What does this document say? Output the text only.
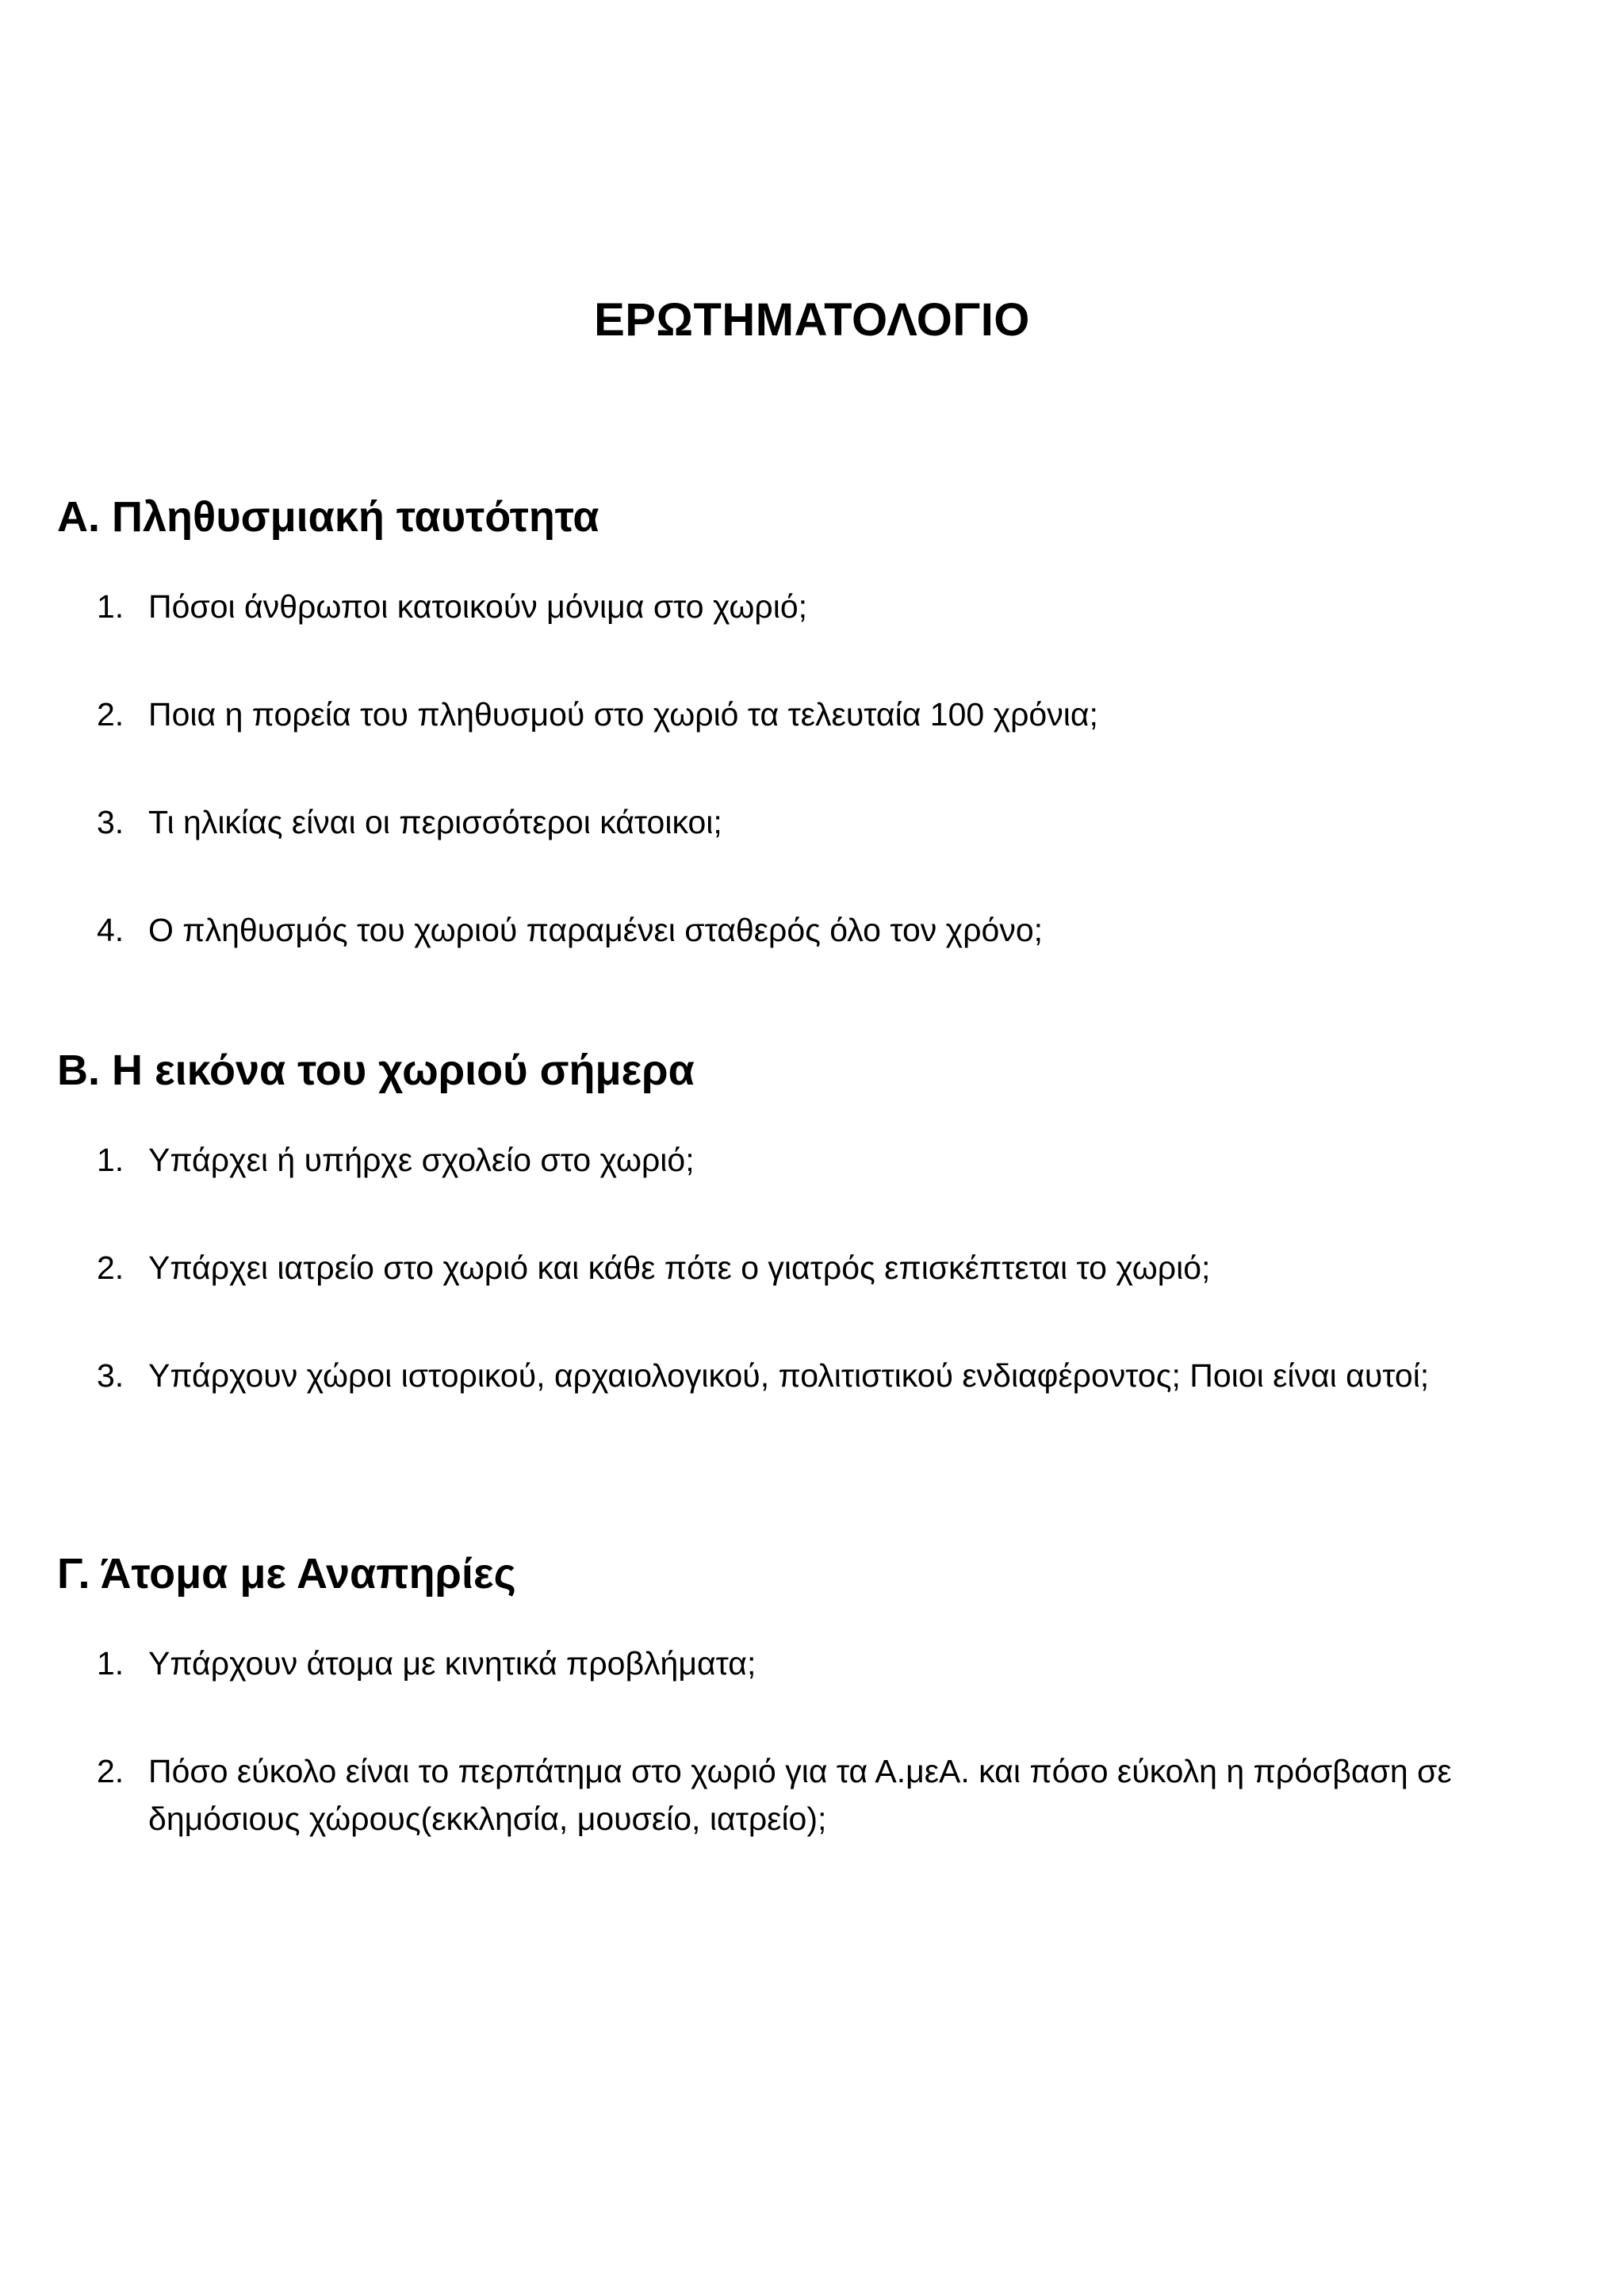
ΕΡΩΤΗΜΑΤΟΛΟΓΙΟ
Α. Πληθυσμιακή ταυτότητα
1. Πόσοι άνθρωποι κατοικούν μόνιμα στο χωριό;
2. Ποια η πορεία του πληθυσμού στο χωριό τα τελευταία 100 χρόνια;
3. Τι ηλικίας είναι οι περισσότεροι κάτοικοι;
4. Ο πληθυσμός του χωριού παραμένει σταθερός όλο τον χρόνο;
Β. Η εικόνα του χωριού σήμερα
1. Υπάρχει ή υπήρχε σχολείο στο χωριό;
2. Υπάρχει ιατρείο στο χωριό και κάθε πότε ο γιατρός επισκέπτεται το χωριό;
3. Υπάρχουν χώροι ιστορικού, αρχαιολογικού, πολιτιστικού ενδιαφέροντος; Ποιοι είναι αυτοί;
Γ. Άτομα με Αναπηρίες
1. Υπάρχουν άτομα με κινητικά προβλήματα;
2. Πόσο εύκολο είναι το περπάτημα στο χωριό για τα Α.μεΑ. και πόσο εύκολη η πρόσβαση σε δημόσιους χώρους(εκκλησία, μουσείο, ιατρείο);
